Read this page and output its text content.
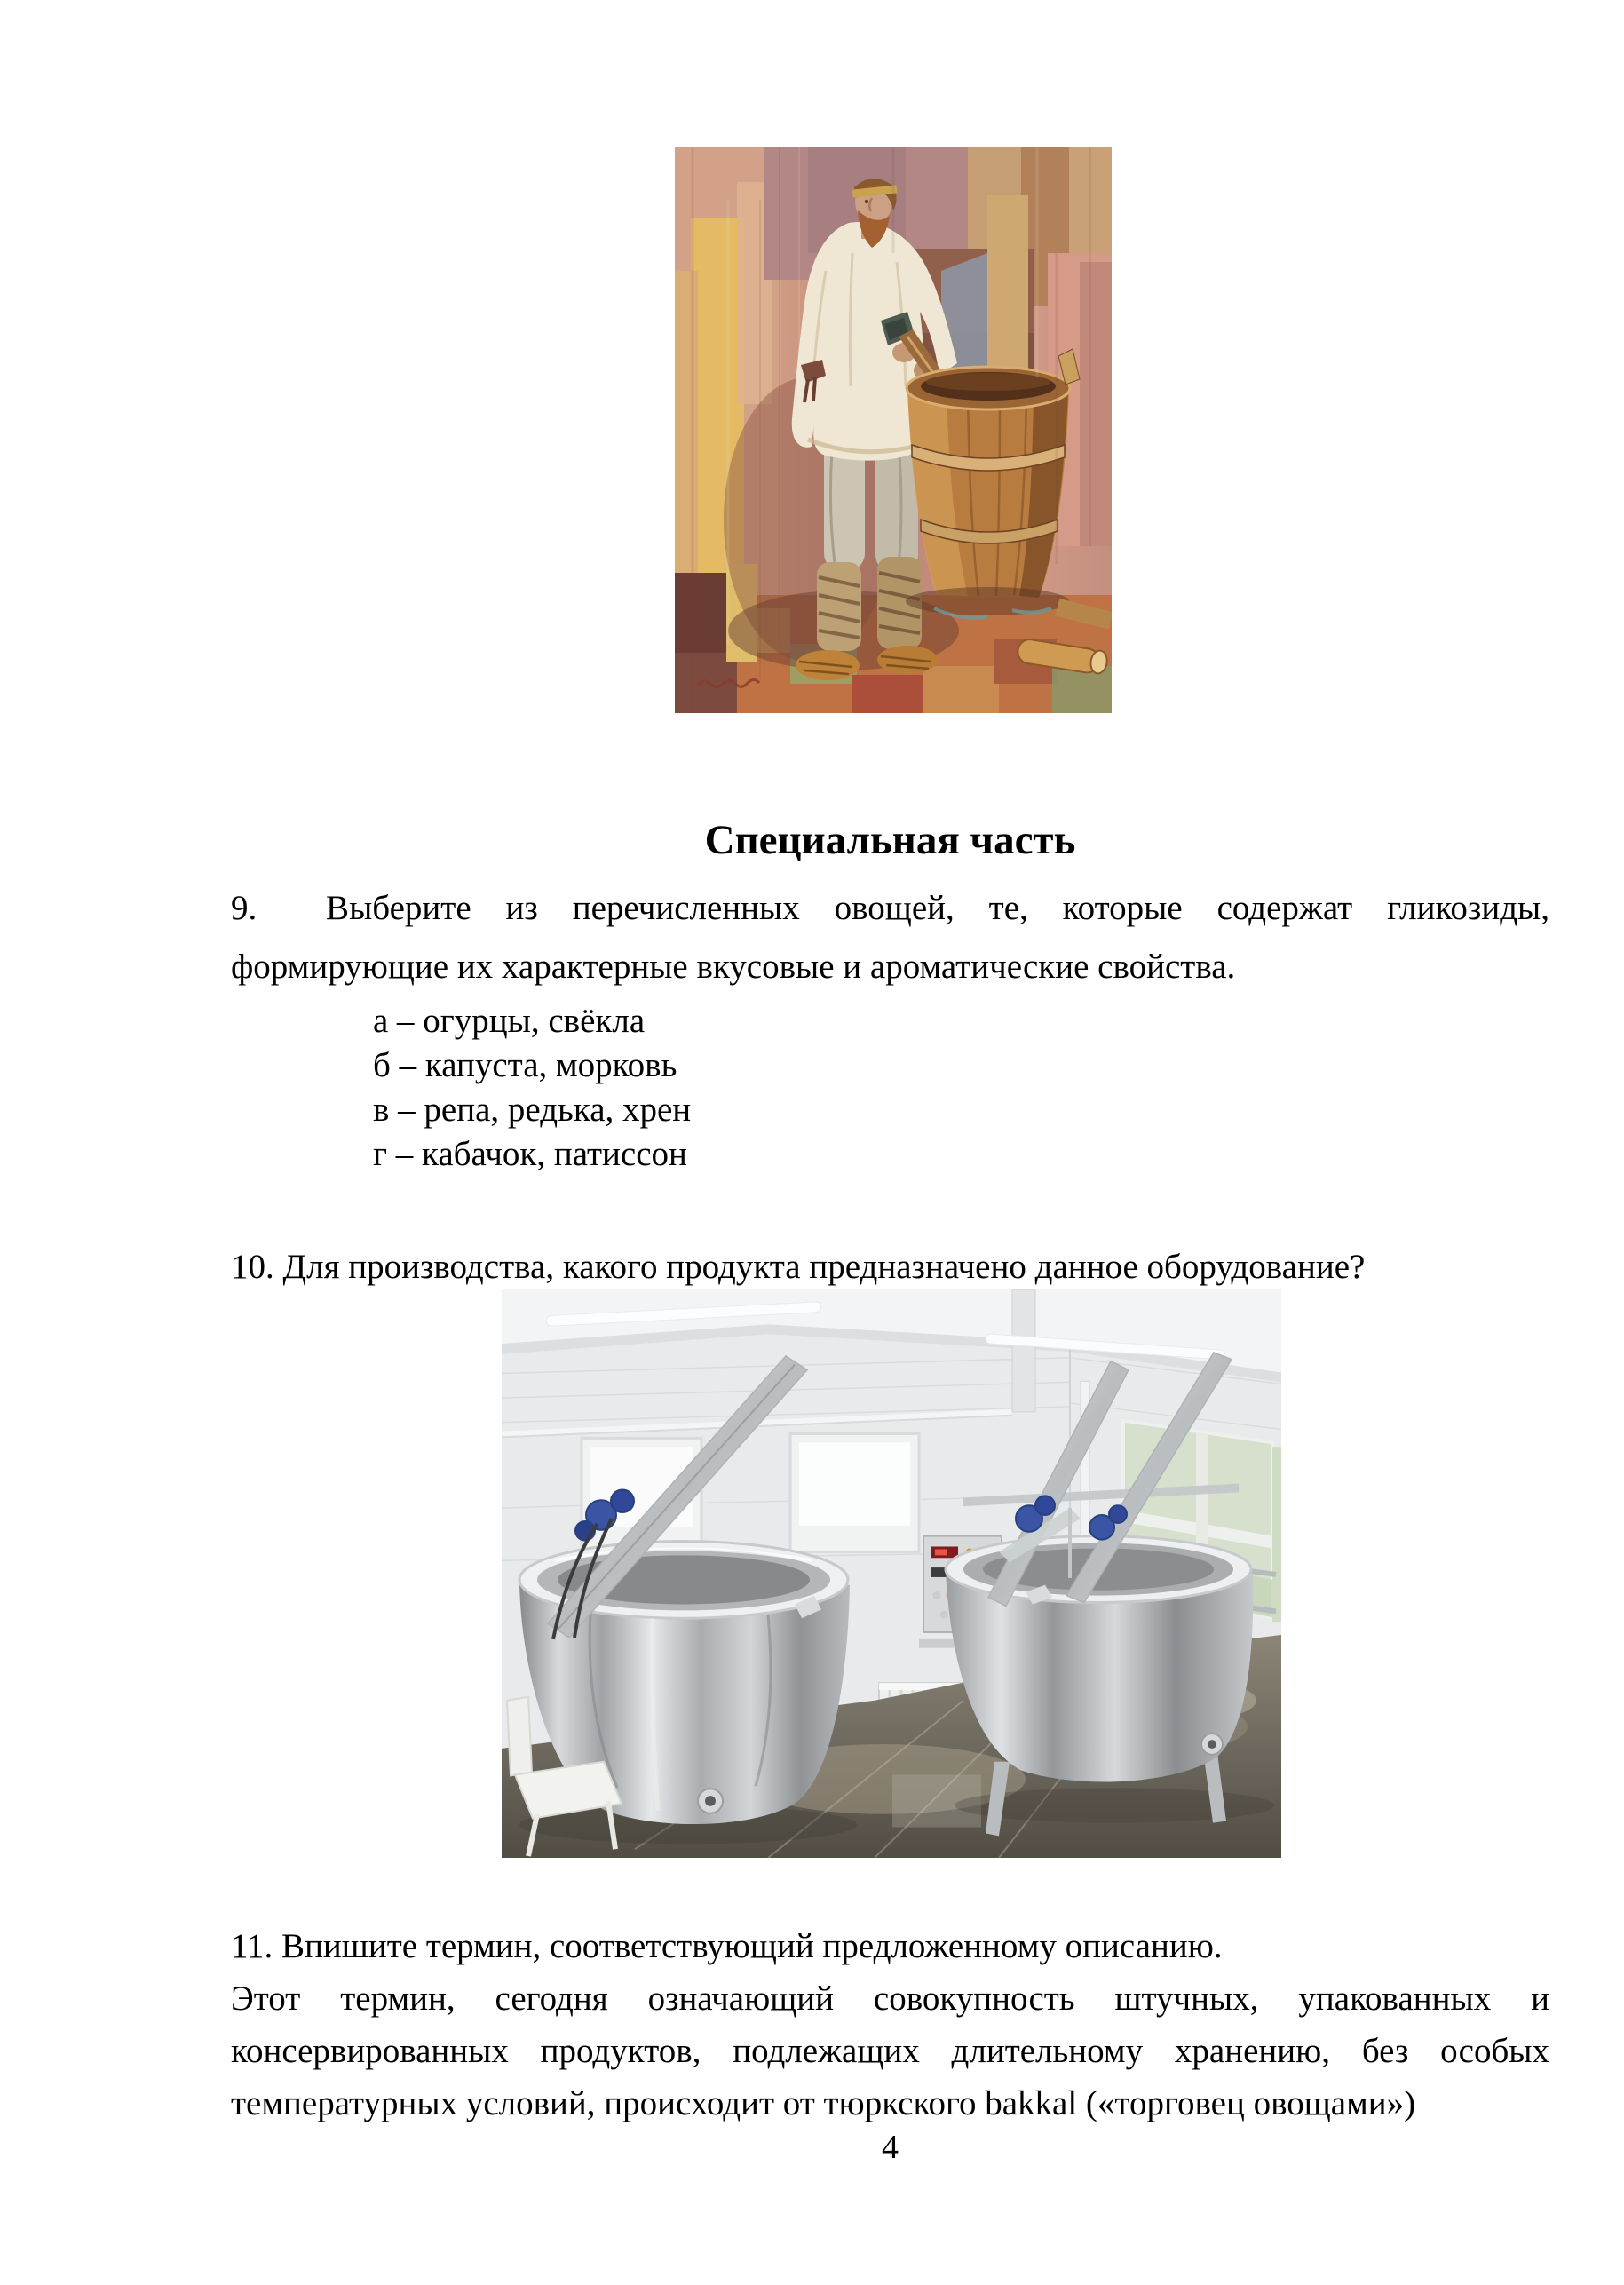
Специальная часть
9.  Выберите из перечисленных овощей, те, которые содержат гликозиды,
формирующие их характерные вкусовые и ароматические свойства.
а – огурцы, свёкла
б – капуста, морковь
в – репа, редька, хрен
г – кабачок, патиссон
10. Для производства, какого продукта предназначено данное оборудование?
11. Впишите термин, соответствующий предложенному описанию.
Этот термин, сегодня означающий совокупность штучных, упакованных и
консервированных продуктов, подлежащих длительному хранению, без особых
температурных условий, происходит от тюркского bakkal («торговец овощами»)
4
